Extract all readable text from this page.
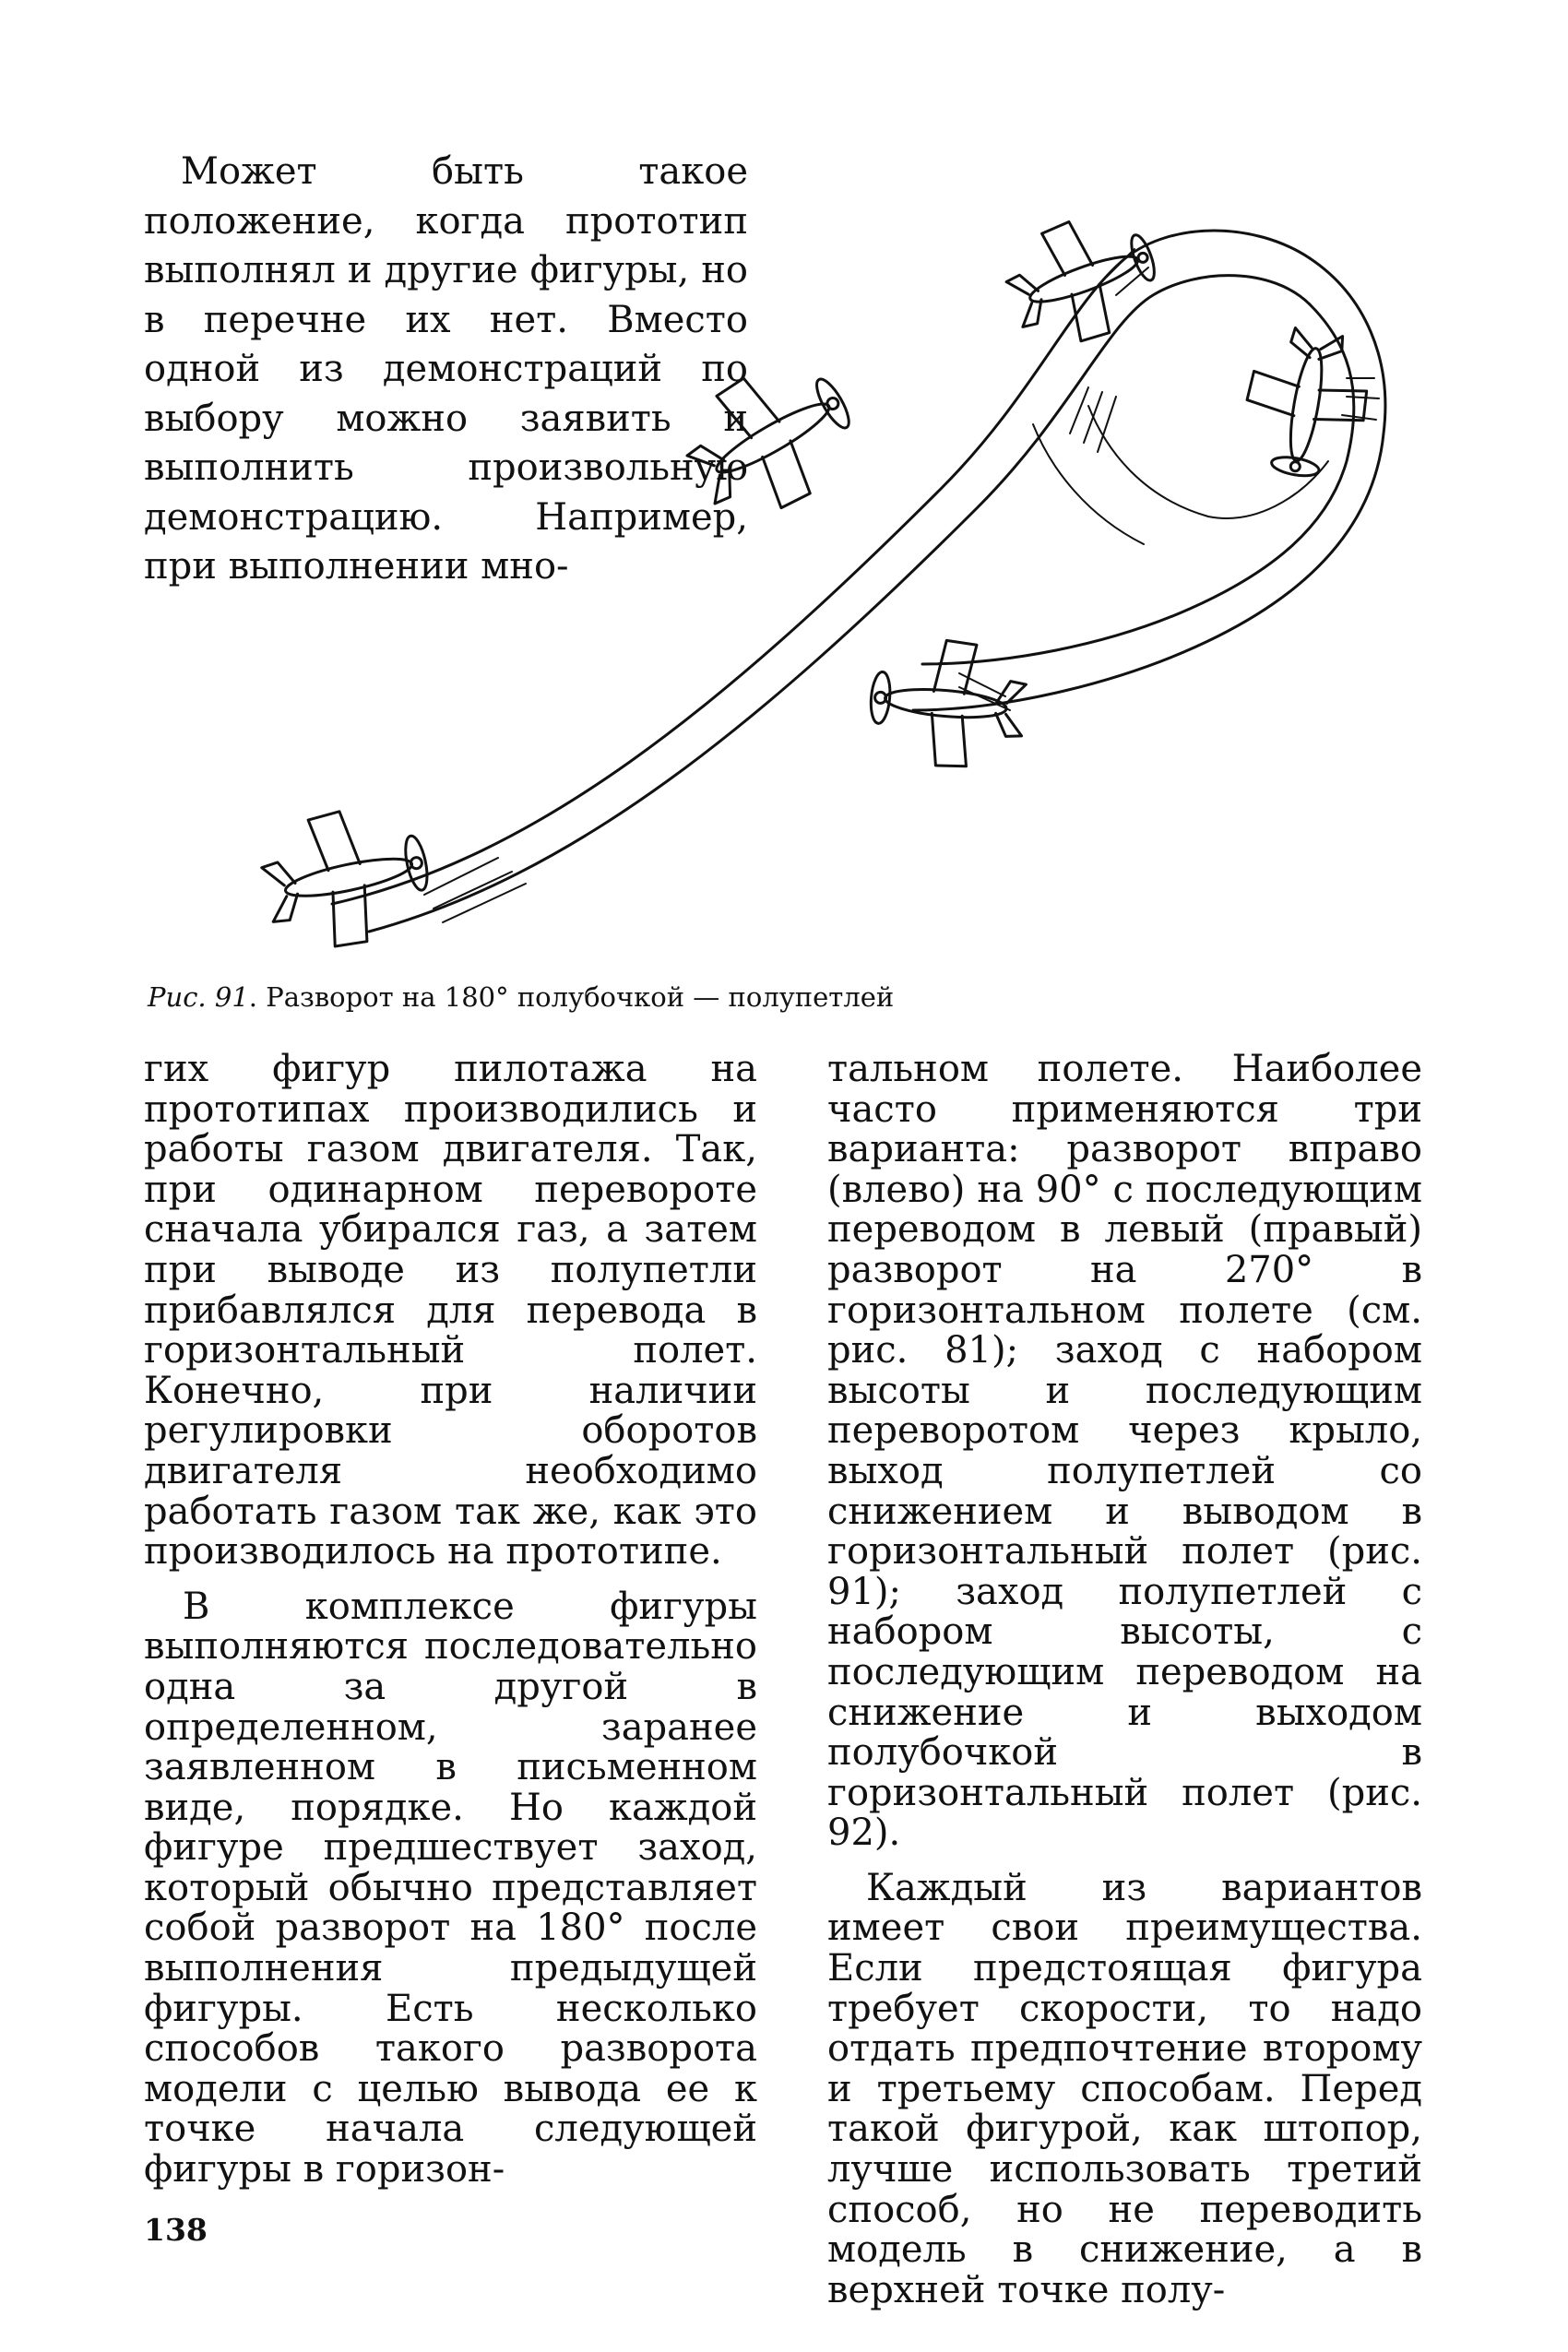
Может быть такое положение, когда прототип выполнял и другие фигуры, но в перечне их нет. Вместо одной из демонстраций по выбору можно заявить и выполнить произвольную демонстрацию. Например, при выполнении мно-

Рис. 91. Разворот на 180° полубочкой — полупетлей

гих фигур пилотажа на прототипах производились и работы газом двигателя. Так, при одинарном перевороте сначала убирался газ, а затем при выводе из полупетли прибавлялся для перевода в горизонтальный полет. Конечно, при наличии регулировки оборотов двигателя необходимо работать газом так же, как это производилось на прототипе.

В комплексе фигуры выполняются последовательно одна за другой в определенном, заранее заявленном в письменном виде, порядке. Но каждой фигуре предшествует заход, который обычно представляет собой разворот на 180° после выполнения предыдущей фигуры. Есть несколько способов такого разворота модели с целью вывода ее к точке начала следующей фигуры в горизон-

тальном полете. Наиболее часто применяются три варианта: разворот вправо (влево) на 90° с последующим переводом в левый (правый) разворот на 270° в горизонтальном полете (см. рис. 81); заход с набором высоты и последующим переворотом через крыло, выход полупетлей со снижением и выводом в горизонтальный полет (рис. 91); заход полупетлей с набором высоты, с последующим переводом на снижение и выходом полубочкой в горизонтальный полет (рис. 92).

Каждый из вариантов имеет свои преимущества. Если предстоящая фигура требует скорости, то надо отдать предпочтение второму и третьему способам. Перед такой фигурой, как штопор, лучше использовать третий способ, но не переводить модель в снижение, а в верхней точке полу-

138
